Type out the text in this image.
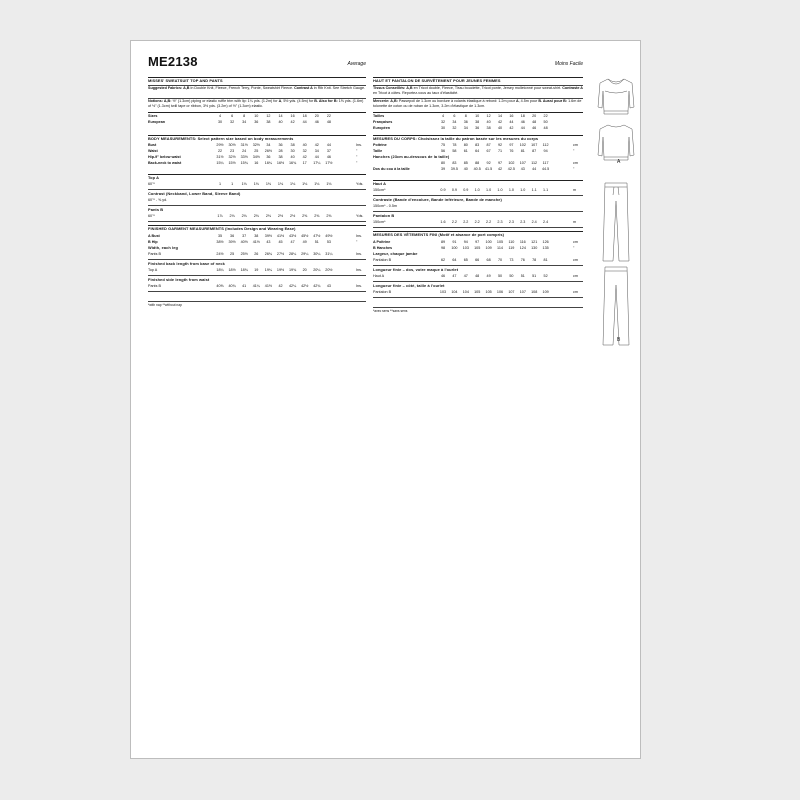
ME2138	Average
MISSES' SWEATSUIT TOP AND PANTS
Suggested Fabrics: A,B in Double Knit, Fleece, French Terry, Ponte, Sweatshirt Fleece. Contrast A in Rib Knit. See Stretch Gauge.
Notions: A,B: ½" (1.3cm) piping or elastic ruffle trim with lip: 1¼ yds. (1.2m) for A, 5½ yds. (4.5m) for B. Also for B: 1⅝ yds. (1.6m) of ½" (1.3cm) twill tape or ribbon, 3½ yds. (3.2m) of ½" (1.3cm) elastic.
Sizes	4	6	8	10	12	14	16	18	20	22
European	30	32	34	36	38	40	42	44	46	48
BODY MEASUREMENTS: Select pattern size based on body measurements
Bust	29½	30½	31½	32½	34	36	38	40	42	44	Ins.
Waist	22	23	24	25	26½	28	30	32	34	37	"
Hip-9" below waist	31½	32½	33½	34½	36	38	40	42	44	46	"
Back-neck to waist	15¼	15½	15¾	16	16¼	16½	16¾	17	17¼	17½	"
Top A
60"*	1	1	1⅛	1⅛	1⅛	1⅛	1⅛	1⅛	1⅛	1⅛	Yds.
Contrast (Neckband, Lower Band, Sleeve Band)
60"* - ⅝ yd.
Pants B
60"*	1⅞	2⅛	2⅛	2⅛	2⅛	2½	2½	2⅝	2⅝	2⅝	Yds.
FINISHED GARMENT MEASUREMENTS (Includes Design and Wearing Ease)
A Bust	35	36	37	38	39½	41½	43½	45½	47½	49½	Ins.
B Hip	38½	39½	40½	41½	43	45	47	49	51	53	"
Width, each leg
Pants B	24½	25	25½	26	26¾	27½	28¼	29¼	30¼	31¼	Ins.
Finished back length from base of neck
Top A	18¼	18½	18¾	19	19¼	19½	19¾	20	20¼	20½	Ins.
Finished side length from waist
Pants B	40⅝	40¾	41	41¼	41½	42	42¼	42½	42¾	43	Ins.
*with nap **without nap
Moins Facile
HAUT ET PANTALON DE SURVÊTEMENT POUR JEUNES FEMMES
Tissus Conseillés: A,B en Tricot double, Fleece, Tissu bouclette, Tricot ponte, Jersey molletonné pour sweat-shirt. Contraste A en Tricot à côtes. Reportez-vous au taux d'élasticité.
Mercerie: A,B: Passepoil de 1.3cm ou bordure à volants élastique à rebord: 1.2m pour A, 4.5m pour B. Aussi pour B: 1.6m de tolonette de coton ou de ruban de 1.3cm, 3.2m d'élastique de 1.3cm.
Tailles	4	6	8	10	12	14	16	18	20	22
Françaises	32	34	36	38	40	42	44	46	48	50
Européen	30	32	34	36	38	40	42	44	46	48
MESURES DU CORPS: Choisissez la taille du patron basée sur les mesures du corps
Poitrine	75	78	80	83	87	92	97	102	107	112	cm
Taille	56	58	61	64	67	71	76	81	87	94	"
Hanches (23cm au-dessous de la taille)
80	83	85	88	92	97	102	107	112	117	cm
Dos du cou à la taille	39	39.5	40	40.5	41.5	42	42.5	43	44	44.5	"
Haut A
150cm*	0.9	0.9	0.9	1.0	1.0	1.0	1.0	1.0	1.1	1.1	m
Contraste (Bande d'encolure, Bande inférieure, Bande de manche)
150cm* - 0.5m
Pantalon B
150cm*	1.6	2.2	2.2	2.2	2.2	2.3	2.3	2.3	2.4	2.4	m
MESURES DES VÊTEMENTS FINI (Motif et aisance de port compris)
A Poitrine	89	91	94	97	100	105	110	116	121	126	cm
B Hanches	98	100	103	105	109	114	119	124	130	135	"
Largeur, chaque jambe
Pantalon B	62	64	65	66	68	70	73	76	78	81	cm
Longueur finie – dos, votre maque à l'ourlet
Haut A	46	47	47	48	49	50	50	51	51	52	cm
Longueur finie – côté, taille à l'ourlet
Pantalon B	103	104	104	105	105	106	107	107	108	109	cm
*avec sens **sans sens
A
B
